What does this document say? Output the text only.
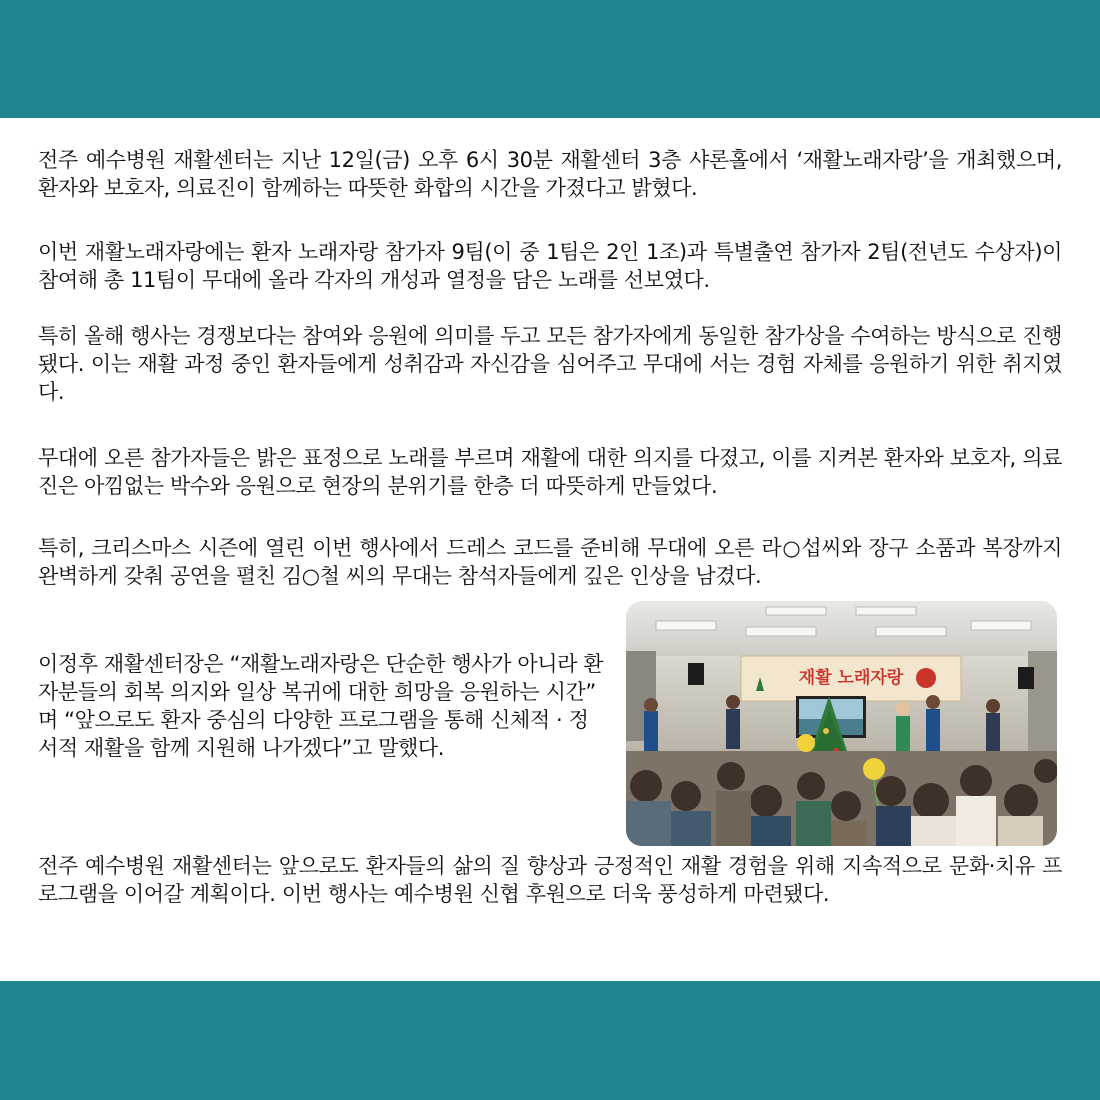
전주 예수병원 재활센터는 지난 12일(금) 오후 6시 30분 재활센터 3층 샤론홀에서 ‘재활노래자랑’을 개최했으며, 환자와 보호자, 의료진이 함께하는 따뜻한 화합의 시간을 가졌다고 밝혔다.

이번 재활노래자랑에는 환자 노래자랑 참가자 9팀(이 중 1팀은 2인 1조)과 특별출연 참가자 2팀(전년도 수상자)이 참여해 총 11팀이 무대에 올라 각자의 개성과 열정을 담은 노래를 선보였다.

특히 올해 행사는 경쟁보다는 참여와 응원에 의미를 두고 모든 참가자에게 동일한 참가상을 수여하는 방식으로 진행됐다. 이는 재활 과정 중인 환자들에게 성취감과 자신감을 심어주고 무대에 서는 경험 자체를 응원하기 위한 취지였다.

무대에 오른 참가자들은 밝은 표정으로 노래를 부르며 재활에 대한 의지를 다졌고, 이를 지켜본 환자와 보호자, 의료진은 아낌없는 박수와 응원으로 현장의 분위기를 한층 더 따뜻하게 만들었다.

특히, 크리스마스 시즌에 열린 이번 행사에서 드레스 코드를 준비해 무대에 오른 라○섭씨와 장구 소품과 복장까지 완벽하게 갖춰 공연을 펼친 김○철 씨의 무대는 참석자들에게 깊은 인상을 남겼다.

이정후 재활센터장은 “재활노래자랑은 단순한 행사가 아니라 환자분들의 회복 의지와 일상 복귀에 대한 희망을 응원하는 시간” 며 “앞으로도 환자 중심의 다양한 프로그램을 통해 신체적 · 정서적 재활을 함께 지원해 나가겠다”고 말했다.

재활 노래자랑

전주 예수병원 재활센터는 앞으로도 환자들의 삶의 질 향상과 긍정적인 재활 경험을 위해 지속적으로 문화·치유 프로그램을 이어갈 계획이다. 이번 행사는 예수병원 신협 후원으로 더욱 풍성하게 마련됐다.
